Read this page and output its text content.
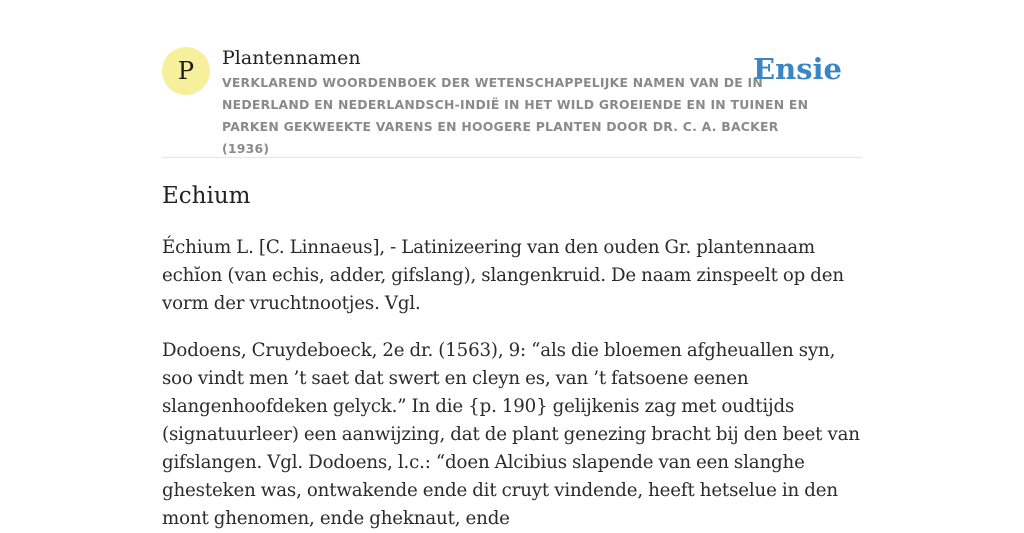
P Plantennamen
VERKLAREND WOORDENBOEK DER WETENSCHAPPELIJKE NAMEN VAN DE IN NEDERLAND EN NEDERLANDSCH-INDIË IN HET WILD GROEIENDE EN IN TUINEN EN PARKEN GEKWEEKTE VARENS EN HOOGERE PLANTEN DOOR DR. C. A. BACKER (1936)
Ensie
Echium

Échium L. [C. Linnaeus], - Latinizeering van den ouden Gr. plantennaam echĭon (van echis, adder, gifslang), slangenkruid. De naam zinspeelt op den vorm der vruchtnootjes. Vgl.

Dodoens, Cruydeboeck, 2e dr. (1563), 9: “als die bloemen afgheuallen syn, soo vindt men ’t saet dat swert en cleyn es, van ’t fatsoene eenen slangenhoofdeken gelyck.” In die {p. 190} gelijkenis zag met oudtijds (signatuurleer) een aanwijzing, dat de plant genezing bracht bij den beet van gifslangen. Vgl. Dodoens, l.c.: “doen Alcibius slapende van een slanghe ghesteken was, ontwakende ende dit cruyt vindende, heeft hetselue in den mont ghenomen, ende gheknaut, ende
